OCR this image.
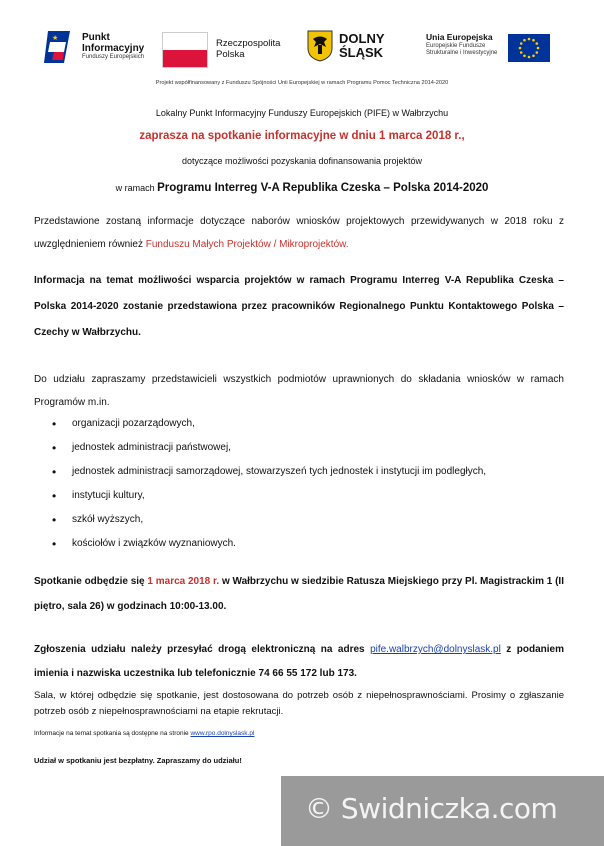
★ Punkt
Informacyjny
Funduszy Europejskich
Rzeczpospolita
Polska
DOLNY
ŚLĄSK
Unia Europejska
Europejskie Fundusze
Strukturalne i Inwestycyjne
Projekt współfinansowany z Funduszu Spójności Unii Europejskiej w ramach Programu Pomoc Techniczna 2014-2020
Lokalny Punkt Informacyjny Funduszy Europejskich (PIFE) w Wałbrzychu
zaprasza na spotkanie informacyjne w dniu 1 marca 2018 r.,
dotyczące możliwości pozyskania dofinansowania projektów
w ramach Programu Interreg V-A Republika Czeska – Polska 2014-2020

Przedstawione zostaną informacje dotyczące naborów wniosków projektowych przewidywanych w 2018 roku z uwzględnieniem również Funduszu Małych Projektów / Mikroprojektów.

Informacja na temat możliwości wsparcia projektów w ramach Programu Interreg V-A Republika Czeska – Polska 2014-2020 zostanie przedstawiona przez pracowników Regionalnego Punktu Kontaktowego Polska – Czechy w Wałbrzychu.

Do udziału zapraszamy przedstawicieli wszystkich podmiotów uprawnionych do składania wniosków w ramach Programów m.in.

• organizacji pozarządowych,
• jednostek administracji państwowej,
• jednostek administracji samorządowej, stowarzyszeń tych jednostek i instytucji im podległych,
• instytucji kultury,
• szkół wyższych,
• kościołów i związków wyznaniowych.

Spotkanie odbędzie się 1 marca 2018 r. w Wałbrzychu w siedzibie Ratusza Miejskiego przy Pl. Magistrackim 1 (II piętro, sala 26) w godzinach 10:00-13.00.

Zgłoszenia udziału należy przesyłać drogą elektroniczną na adres pife.walbrzych@dolnyslask.pl z podaniem imienia i nazwiska uczestnika lub telefonicznie 74 66 55 172 lub 173.

Sala, w której odbędzie się spotkanie, jest dostosowana do potrzeb osób z niepełnosprawnościami. Prosimy o zgłaszanie potrzeb osób z niepełnosprawnościami na etapie rekrutacji.

Informacje na temat spotkania są dostępne na stronie www.rpo.dolnyslask.pl

Udział w spotkaniu jest bezpłatny. Zapraszamy do udziału!

© Swidniczka.com
